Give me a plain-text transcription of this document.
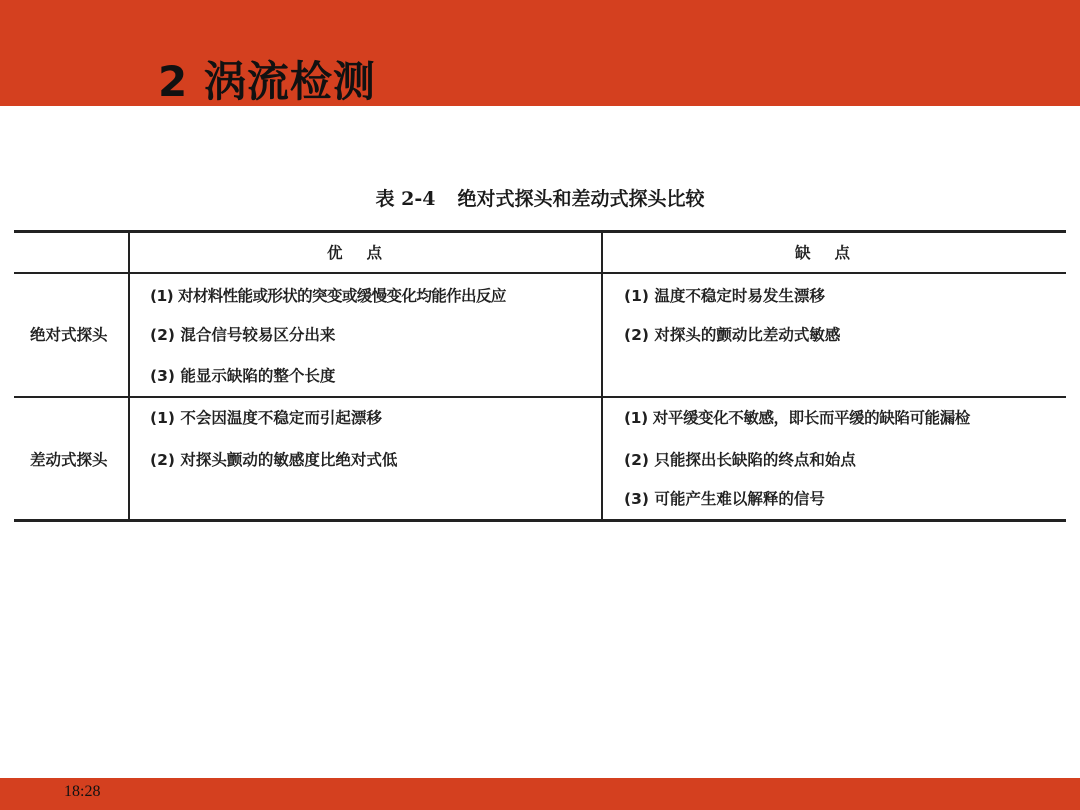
2 涡流检测
表 2-4 绝对式探头和差动式探头比较
优点	缺点
绝对式探头
(1) 对材料性能或形状的突变或缓慢变化均能作出反应
(2) 混合信号较易区分出来
(3) 能显示缺陷的整个长度
(1) 温度不稳定时易发生漂移
(2) 对探头的颤动比差动式敏感
差动式探头
(1) 不会因温度不稳定而引起漂移
(2) 对探头颤动的敏感度比绝对式低
(1) 对平缓变化不敏感，即长而平缓的缺陷可能漏检
(2) 只能探出长缺陷的终点和始点
(3) 可能产生难以解释的信号
18:28
